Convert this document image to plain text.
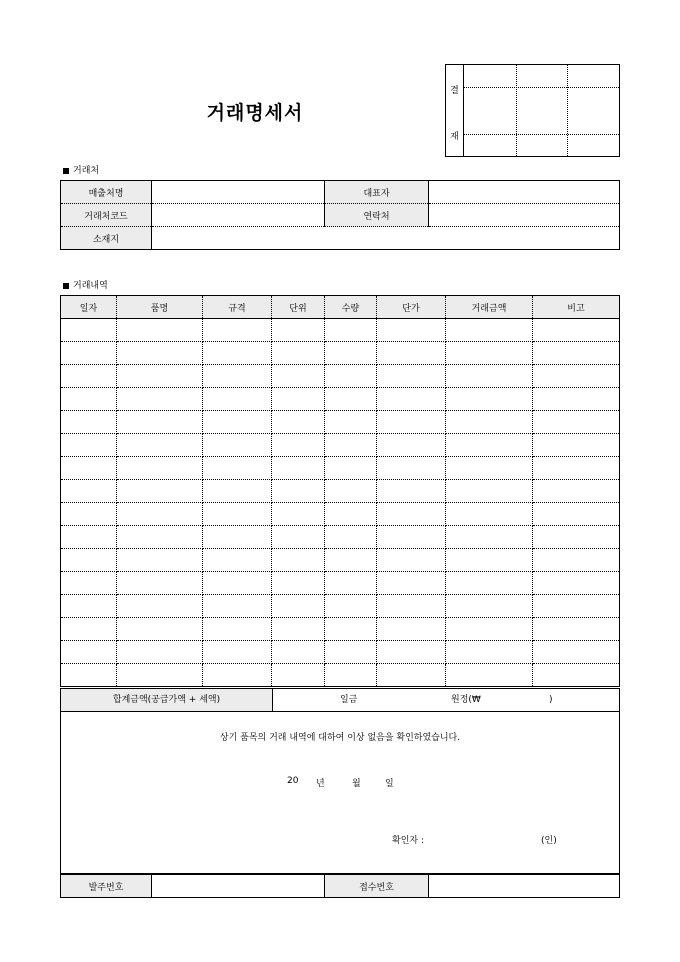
거래명세서
결
재
거래처
매출처명		대표자	
거래처코드		연락처	
소재지			
거래내역
일자	품명	규격	단위	수량	단가	거래금액	비고

합계금액(공급가액 + 세액)	일금	원정(₩	)
상기 품목의 거래 내역에 대하여 이상 없음을 확인하였습니다.
20 년	월	일
확인자 :	(인)
발주번호		접수번호	
